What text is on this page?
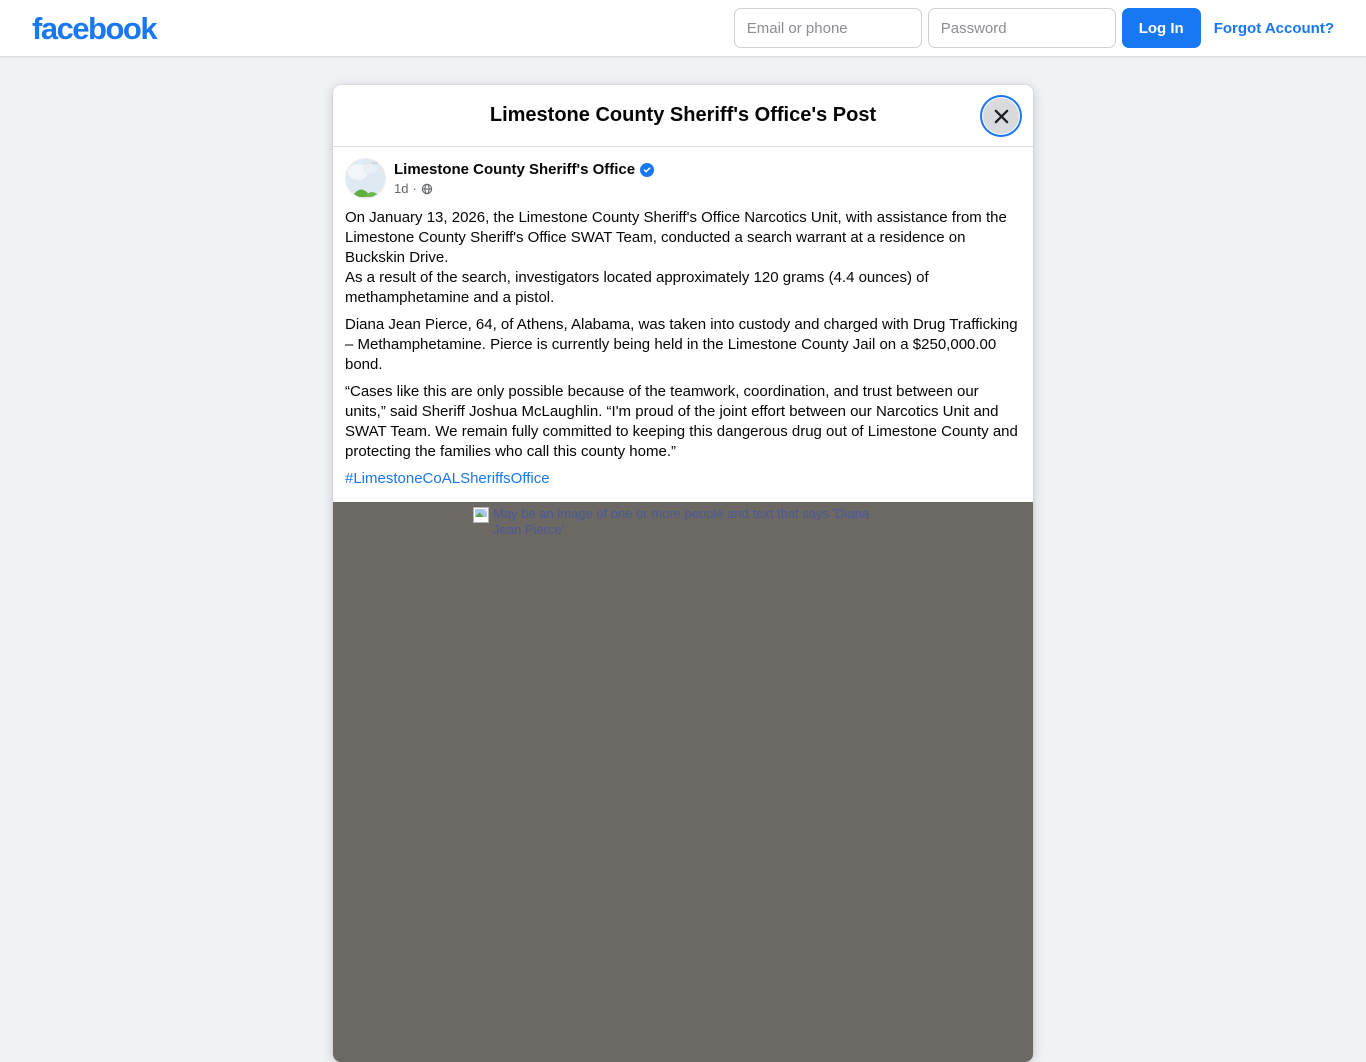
facebook
Email or phone	Log In	Forgot Account?
Limestone County Sheriff's Office's Post
Limestone County Sheriff's Office
1d ·

On January 13, 2026, the Limestone County Sheriff's Office Narcotics Unit, with assistance from the Limestone County Sheriff's Office SWAT Team, conducted a search warrant at a residence on Buckskin Drive.

As a result of the search, investigators located approximately 120 grams (4.4 ounces) of methamphetamine and a pistol.

Diana Jean Pierce, 64, of Athens, Alabama, was taken into custody and charged with Drug Trafficking – Methamphetamine. Pierce is currently being held in the Limestone County Jail on a $250,000.00 bond.

“Cases like this are only possible because of the teamwork, coordination, and trust between our units,” said Sheriff Joshua McLaughlin. “I'm proud of the joint effort between our Narcotics Unit and SWAT Team. We remain fully committed to keeping this dangerous drug out of Limestone County and protecting the families who call this county home.”

#LimestoneCoALSheriffsOffice

May be an image of one or more people and text that says 'Diana Jean Pierce'
